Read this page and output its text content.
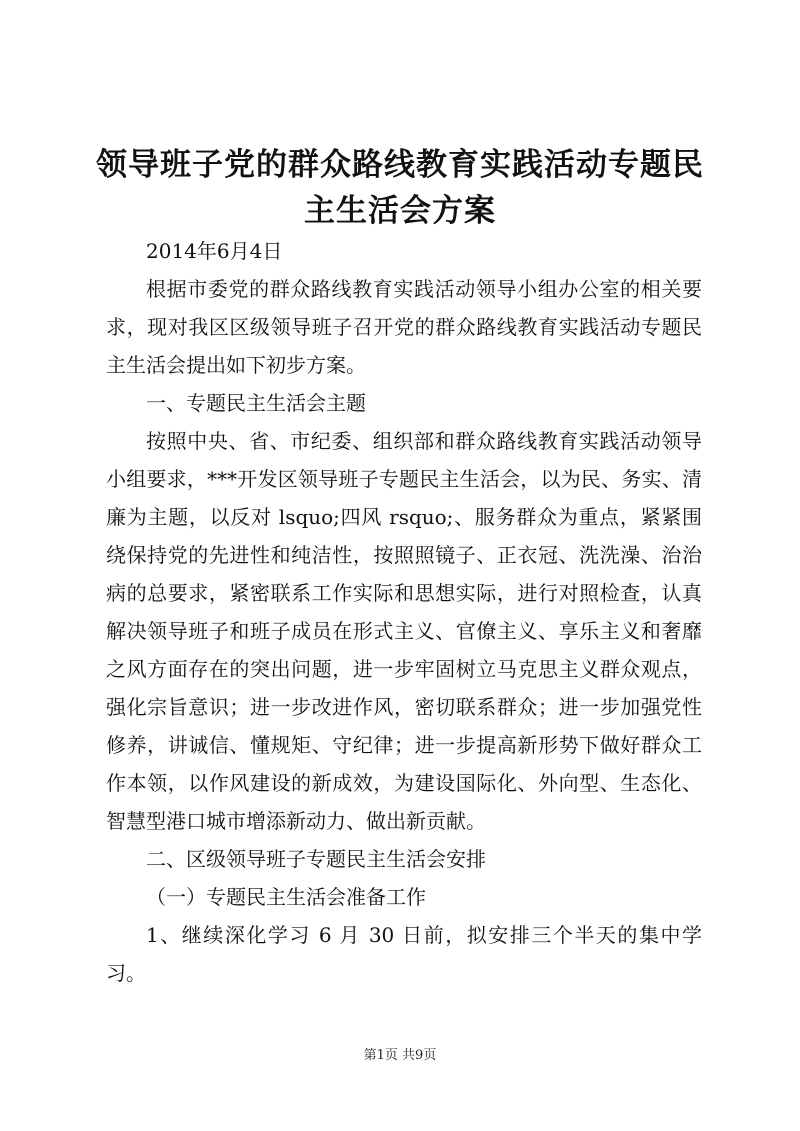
领导班子党的群众路线教育实践活动专题民主生活会方案

2014年6月4日

根据市委党的群众路线教育实践活动领导小组办公室的相关要求，现对我区区级领导班子召开党的群众路线教育实践活动专题民主生活会提出如下初步方案。

一、专题民主生活会主题

按照中央、省、市纪委、组织部和群众路线教育实践活动领导小组要求，***开发区领导班子专题民主生活会，以为民、务实、清廉为主题，以反对 lsquo;四风 rsquo;、服务群众为重点，紧紧围绕保持党的先进性和纯洁性，按照照镜子、正衣冠、洗洗澡、治治病的总要求，紧密联系工作实际和思想实际，进行对照检查，认真解决领导班子和班子成员在形式主义、官僚主义、享乐主义和奢靡之风方面存在的突出问题，进一步牢固树立马克思主义群众观点，强化宗旨意识；进一步改进作风，密切联系群众；进一步加强党性修养，讲诚信、懂规矩、守纪律；进一步提高新形势下做好群众工作本领，以作风建设的新成效，为建设国际化、外向型、生态化、智慧型港口城市增添新动力、做出新贡献。

二、区级领导班子专题民主生活会安排

（一）专题民主生活会准备工作

1、继续深化学习 6 月 30 日前，拟安排三个半天的集中学习。

第1页 共9页
